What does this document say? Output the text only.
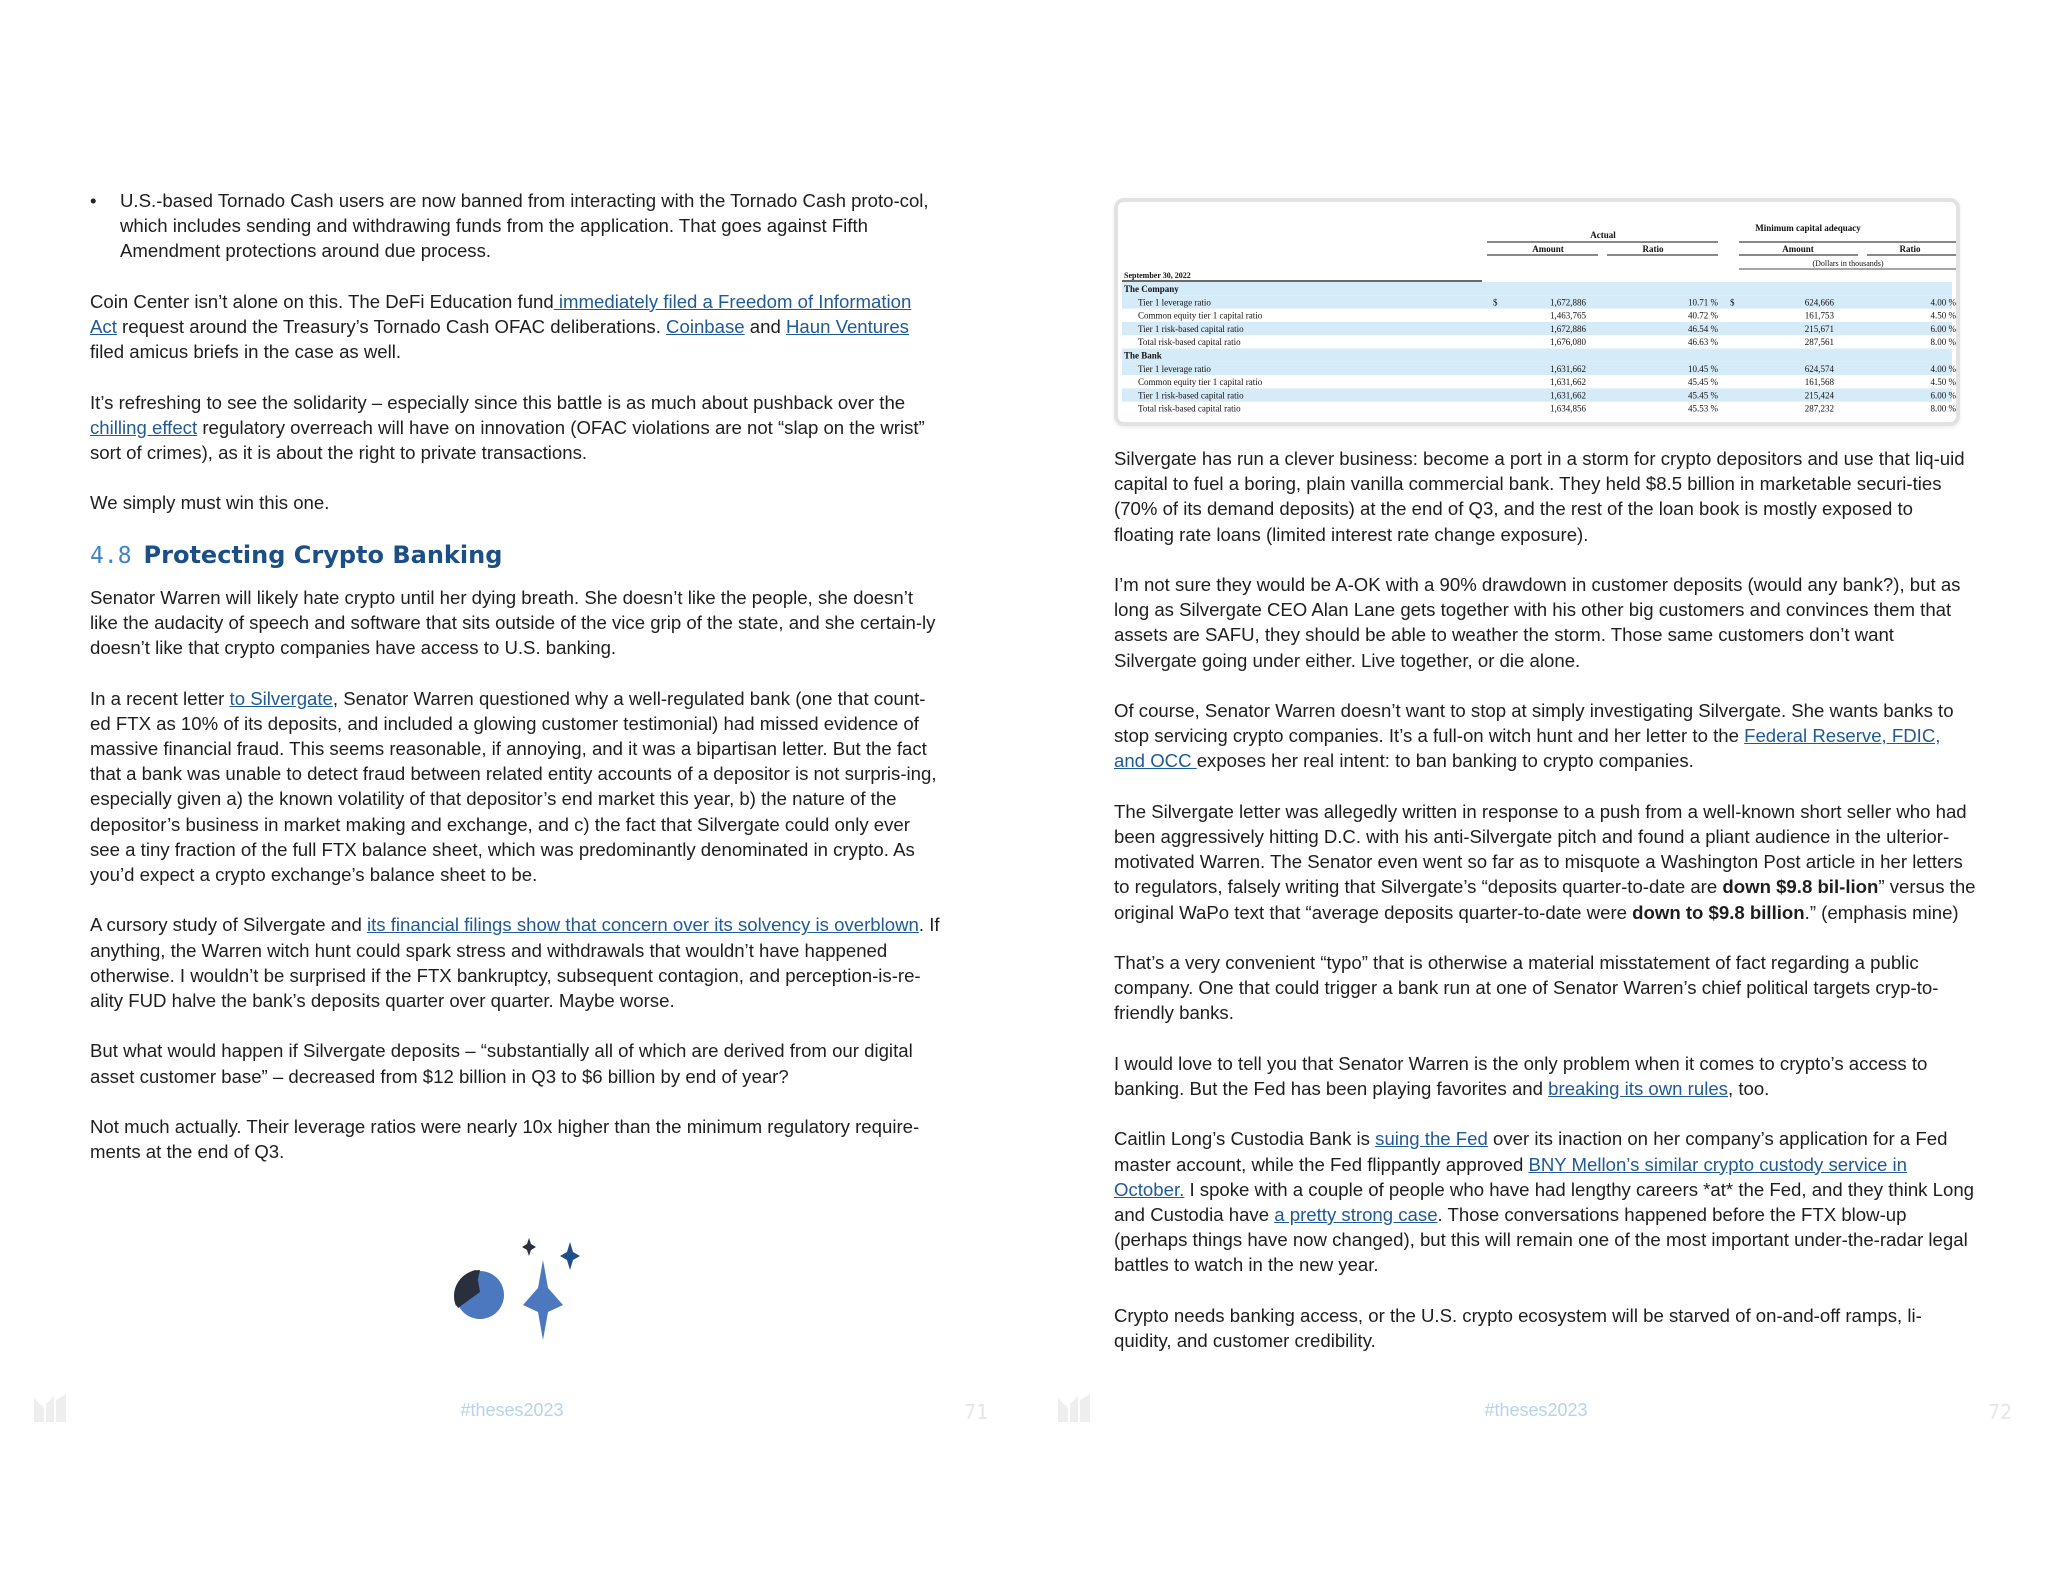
•	U.S.-based Tornado Cash users are now banned from interacting with the Tornado Cash proto-col, which includes sending and withdrawing funds from the application. That goes against Fifth Amendment protections around due process.

Coin Center isn’t alone on this. The DeFi Education fund immediately filed a Freedom of Information Act request around the Treasury’s Tornado Cash OFAC deliberations. Coinbase and Haun Ventures filed amicus briefs in the case as well.

It’s refreshing to see the solidarity – especially since this battle is as much about pushback over the chilling effect regulatory overreach will have on innovation (OFAC violations are not “slap on the wrist” sort of crimes), as it is about the right to private transactions.

We simply must win this one.

4.8 Protecting Crypto Banking

Senator Warren will likely hate crypto until her dying breath. She doesn’t like the people, she doesn’t like the audacity of speech and software that sits outside of the vice grip of the state, and she certain-ly doesn’t like that crypto companies have access to U.S. banking.

In a recent letter to Silvergate, Senator Warren questioned why a well-regulated bank (one that count-ed FTX as 10% of its deposits, and included a glowing customer testimonial) had missed evidence of massive financial fraud. This seems reasonable, if annoying, and it was a bipartisan letter. But the fact that a bank was unable to detect fraud between related entity accounts of a depositor is not surpris-ing, especially given a) the known volatility of that depositor’s end market this year, b) the nature of the depositor’s business in market making and exchange, and c) the fact that Silvergate could only ever see a tiny fraction of the full FTX balance sheet, which was predominantly denominated in crypto. As you’d expect a crypto exchange’s balance sheet to be.

A cursory study of Silvergate and its financial filings show that concern over its solvency is overblown. If anything, the Warren witch hunt could spark stress and withdrawals that wouldn’t have happened otherwise. I wouldn’t be surprised if the FTX bankruptcy, subsequent contagion, and perception-is-re-ality FUD halve the bank’s deposits quarter over quarter. Maybe worse.

But what would happen if Silvergate deposits – “substantially all of which are derived from our digital asset customer base” – decreased from $12 billion in Q3 to $6 billion by end of year?

Not much actually. Their leverage ratios were nearly 10x higher than the minimum regulatory require-ments at the end of Q3.

#theses2023	71
Actual
Minimum capital adequacy
Amount	Ratio	Amount	Ratio
(Dollars in thousands)
September 30, 2022
The Company
Tier 1 leverage ratio	$	1,672,886	10.71 % $	624,666	4.00 %
Common equity tier 1 capital ratio	1,463,765	40.72 %	161,753	4.50 %
Tier 1 risk-based capital ratio	1,672,886	46.54 %	215,671	6.00 %
Total risk-based capital ratio	1,676,080	46.63 %	287,561	8.00 %
The Bank
Tier 1 leverage ratio	1,631,662	10.45 %	624,574	4.00 %
Common equity tier 1 capital ratio	1,631,662	45.45 %	161,568	4.50 %
Tier 1 risk-based capital ratio	1,631,662	45.45 %	215,424	6.00 %
Total risk-based capital ratio	1,634,856	45.53 %	287,232	8.00 %

Silvergate has run a clever business: become a port in a storm for crypto depositors and use that liq-uid capital to fuel a boring, plain vanilla commercial bank. They held $8.5 billion in marketable securi-ties (70% of its demand deposits) at the end of Q3, and the rest of the loan book is mostly exposed to floating rate loans (limited interest rate change exposure).

I’m not sure they would be A-OK with a 90% drawdown in customer deposits (would any bank?), but as long as Silvergate CEO Alan Lane gets together with his other big customers and convinces them that assets are SAFU, they should be able to weather the storm. Those same customers don’t want Silvergate going under either. Live together, or die alone.

Of course, Senator Warren doesn’t want to stop at simply investigating Silvergate. She wants banks to stop servicing crypto companies. It’s a full-on witch hunt and her letter to the Federal Reserve, FDIC, and OCC exposes her real intent: to ban banking to crypto companies.

The Silvergate letter was allegedly written in response to a push from a well-known short seller who had been aggressively hitting D.C. with his anti-Silvergate pitch and found a pliant audience in the ulterior-motivated Warren. The Senator even went so far as to misquote a Washington Post article in her letters to regulators, falsely writing that Silvergate’s “deposits quarter-to-date are down $9.8 bil-lion” versus the original WaPo text that “average deposits quarter-to-date were down to $9.8 billion.” (emphasis mine)

That’s a very convenient “typo” that is otherwise a material misstatement of fact regarding a public company. One that could trigger a bank run at one of Senator Warren’s chief political targets cryp-to-friendly banks.

I would love to tell you that Senator Warren is the only problem when it comes to crypto’s access to banking. But the Fed has been playing favorites and breaking its own rules, too.

Caitlin Long’s Custodia Bank is suing the Fed over its inaction on her company’s application for a Fed master account, while the Fed flippantly approved BNY Mellon’s similar crypto custody service in October. I spoke with a couple of people who have had lengthy careers *at* the Fed, and they think Long and Custodia have a pretty strong case. Those conversations happened before the FTX blow-up (perhaps things have now changed), but this will remain one of the most important under-the-radar legal battles to watch in the new year.

Crypto needs banking access, or the U.S. crypto ecosystem will be starved of on-and-off ramps, li-quidity, and customer credibility.

#theses2023	72
